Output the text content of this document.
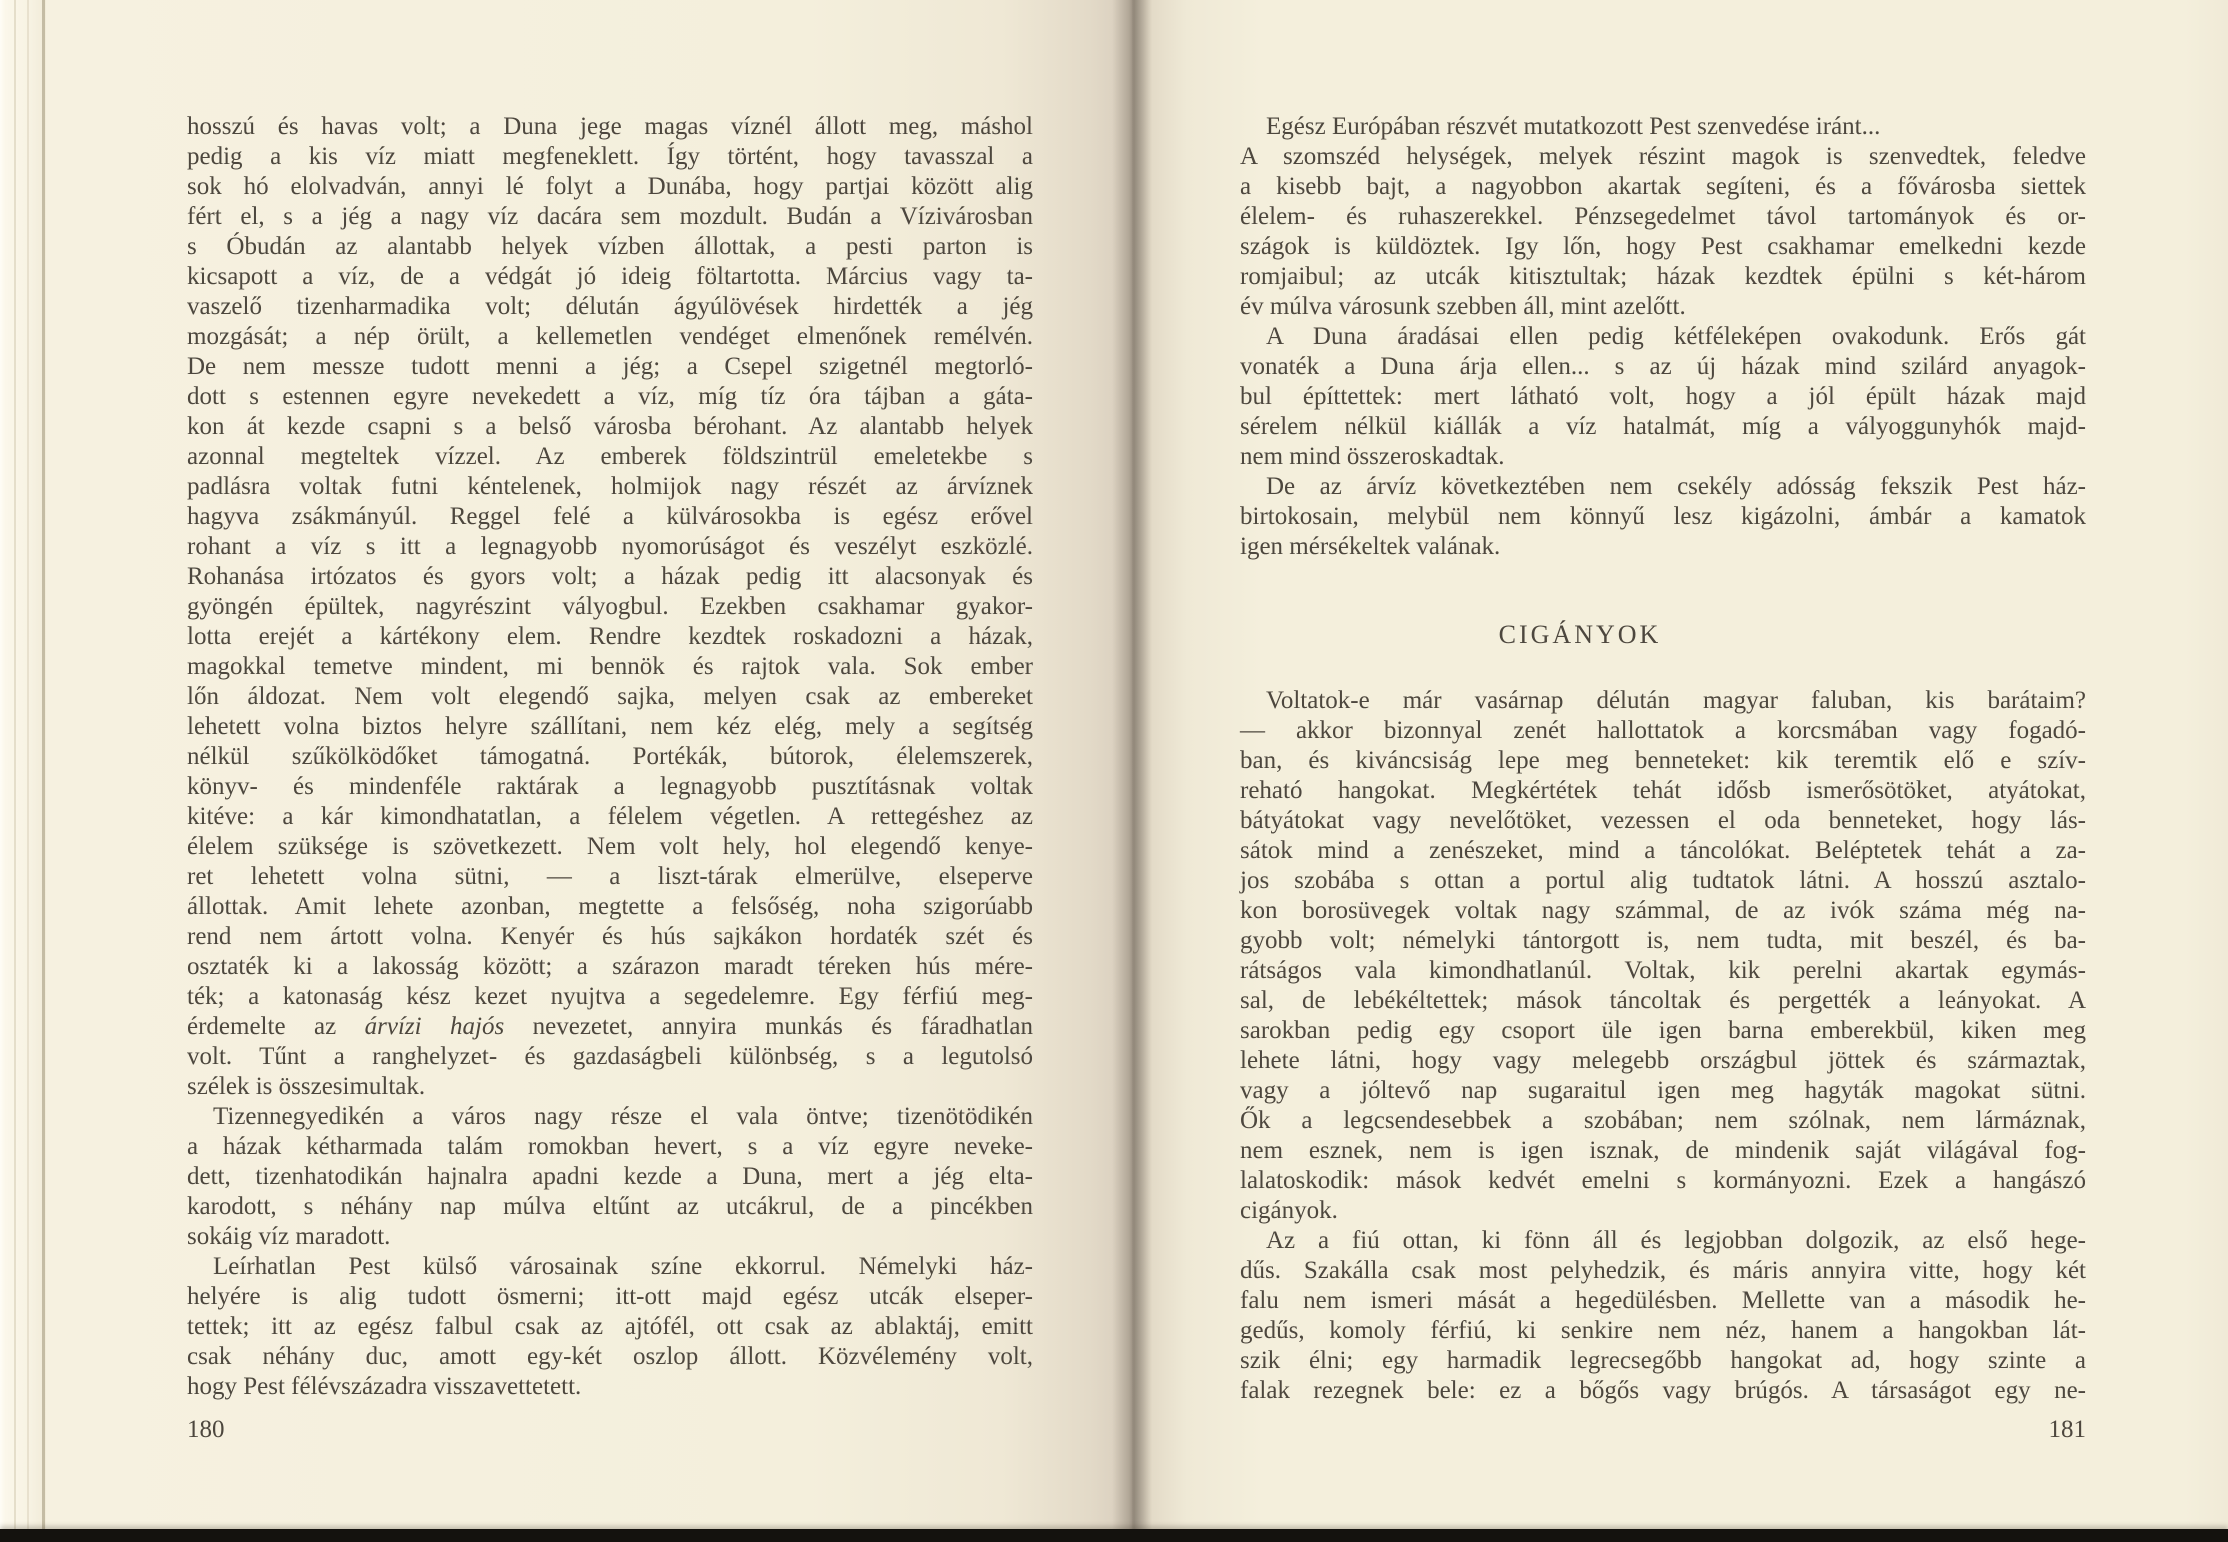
hosszú és havas volt; a Duna jege magas víznél állott meg, máshol
pedig a kis víz miatt megfeneklett. Így történt, hogy tavasszal a
sok hó elolvadván, annyi lé folyt a Dunába, hogy partjai között alig
fért el, s a jég a nagy víz dacára sem mozdult. Budán a Vízivárosban
s Óbudán az alantabb helyek vízben állottak, a pesti parton is
kicsapott a víz, de a védgát jó ideig föltartotta. Március vagy ta-
vaszelő tizenharmadika volt; délután ágyúlövések hirdették a jég
mozgását; a nép örült, a kellemetlen vendéget elmenőnek remélvén.
De nem messze tudott menni a jég; a Csepel szigetnél megtorló-
dott s estennen egyre nevekedett a víz, míg tíz óra tájban a gáta-
kon át kezde csapni s a belső városba bérohant. Az alantabb helyek
azonnal megteltek vízzel. Az emberek földszintrül emeletekbe s
padlásra voltak futni kéntelenek, holmijok nagy részét az árvíznek
hagyva zsákmányúl. Reggel felé a külvárosokba is egész erővel
rohant a víz s itt a legnagyobb nyomorúságot és veszélyt eszközlé.
Rohanása irtózatos és gyors volt; a házak pedig itt alacsonyak és
gyöngén épültek, nagyrészint vályogbul. Ezekben csakhamar gyakor-
lotta erejét a kártékony elem. Rendre kezdtek roskadozni a házak,
magokkal temetve mindent, mi bennök és rajtok vala. Sok ember
lőn áldozat. Nem volt elegendő sajka, melyen csak az embereket
lehetett volna biztos helyre szállítani, nem kéz elég, mely a segítség
nélkül szűkölködőket támogatná. Portékák, bútorok, élelemszerek,
könyv- és mindenféle raktárak a legnagyobb pusztításnak voltak
kitéve: a kár kimondhatatlan, a félelem végetlen. A rettegéshez az
élelem szüksége is szövetkezett. Nem volt hely, hol elegendő kenye-
ret lehetett volna sütni, — a liszt-tárak elmerülve, elseperve
állottak. Amit lehete azonban, megtette a felsőség, noha szigorúabb
rend nem ártott volna. Kenyér és hús sajkákon hordaték szét és
osztaték ki a lakosság között; a szárazon maradt téreken hús mére-
ték; a katonaság kész kezet nyujtva a segedelemre. Egy férfiú meg-
érdemelte az árvízi hajós nevezetet, annyira munkás és fáradhatlan
volt. Tűnt a ranghelyzet- és gazdaságbeli különbség, s a legutolsó
szélek is összesimultak.
Tizennegyedikén a város nagy része el vala öntve; tizenötödikén
a házak kétharmada talám romokban hevert, s a víz egyre neveke-
dett, tizenhatodikán hajnalra apadni kezde a Duna, mert a jég elta-
karodott, s néhány nap múlva eltűnt az utcákrul, de a pincékben
sokáig víz maradott.
Leírhatlan Pest külső városainak színe ekkorrul. Némelyki ház-
helyére is alig tudott ösmerni; itt-ott majd egész utcák elseper-
tettek; itt az egész falbul csak az ajtófél, ott csak az ablaktáj, emitt
csak néhány duc, amott egy-két oszlop állott. Közvélemény volt,
hogy Pest félévszázadra visszavettetett.
Egész Európában részvét mutatkozott Pest szenvedése iránt...
A szomszéd helységek, melyek részint magok is szenvedtek, feledve
a kisebb bajt, a nagyobbon akartak segíteni, és a fővárosba siettek
élelem- és ruhaszerekkel. Pénzsegedelmet távol tartományok és or-
szágok is küldöztek. Igy lőn, hogy Pest csakhamar emelkedni kezde
romjaibul; az utcák kitisztultak; házak kezdtek épülni s két-három
év múlva városunk szebben áll, mint azelőtt.
A Duna áradásai ellen pedig kétféleképen ovakodunk. Erős gát
vonaték a Duna árja ellen... s az új házak mind szilárd anyagok-
bul építtettek: mert látható volt, hogy a jól épült házak majd
sérelem nélkül kiállák a víz hatalmát, míg a vályoggunyhók majd-
nem mind összeroskadtak.
De az árvíz következtében nem csekély adósság fekszik Pest ház-
birtokosain, melybül nem könnyű lesz kigázolni, ámbár a kamatok
igen mérsékeltek valának.
CIGÁNYOK
Voltatok-e már vasárnap délután magyar faluban, kis barátaim?
— akkor bizonnyal zenét hallottatok a korcsmában vagy fogadó-
ban, és kiváncsiság lepe meg benneteket: kik teremtik elő e szív-
reható hangokat. Megkértétek tehát idősb ismerősötöket, atyátokat,
bátyátokat vagy nevelőtöket, vezessen el oda benneteket, hogy lás-
sátok mind a zenészeket, mind a táncolókat. Beléptetek tehát a za-
jos szobába s ottan a portul alig tudtatok látni. A hosszú asztalo-
kon borosüvegek voltak nagy számmal, de az ivók száma még na-
gyobb volt; némelyki tántorgott is, nem tudta, mit beszél, és ba-
rátságos vala kimondhatlanúl. Voltak, kik perelni akartak egymás-
sal, de lebékéltettek; mások táncoltak és pergették a leányokat. A
sarokban pedig egy csoport üle igen barna emberekbül, kiken meg
lehete látni, hogy vagy melegebb országbul jöttek és származtak,
vagy a jóltevő nap sugaraitul igen meg hagyták magokat sütni.
Ők a legcsendesebbek a szobában; nem szólnak, nem lármáznak,
nem esznek, nem is igen isznak, de mindenik saját világával fog-
lalatoskodik: mások kedvét emelni s kormányozni. Ezek a hangászó
cigányok.
Az a fiú ottan, ki fönn áll és legjobban dolgozik, az első hege-
dűs. Szakálla csak most pelyhedzik, és máris annyira vitte, hogy két
falu nem ismeri mását a hegedülésben. Mellette van a második he-
gedűs, komoly férfiú, ki senkire nem néz, hanem a hangokban lát-
szik élni; egy harmadik legrecsegőbb hangokat ad, hogy szinte a
falak rezegnek bele: ez a bőgős vagy brúgós. A társaságot egy ne-
180	181
